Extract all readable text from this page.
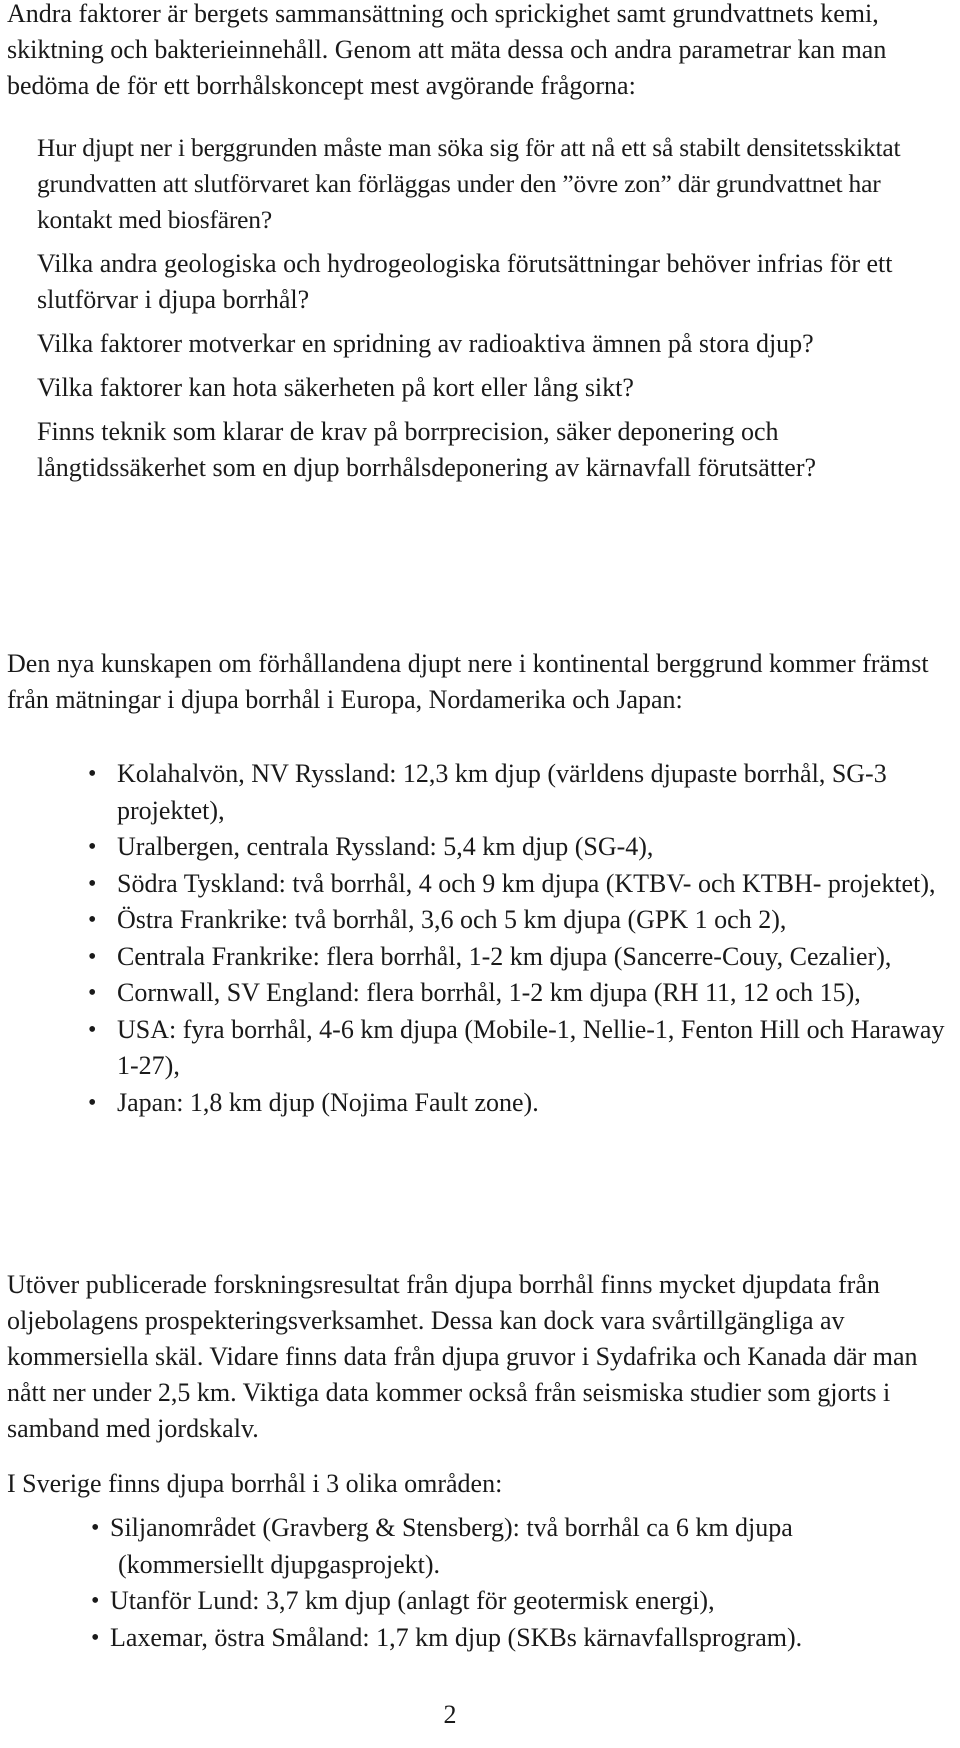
Andra faktorer är bergets sammansättning och sprickighet samt grundvattnets kemi, skiktning och bakterieinnehåll. Genom att mäta dessa och andra parametrar kan man bedöma de för ett borrhålskoncept mest avgörande frågorna:

Hur djupt ner i berggrunden måste man söka sig för att nå ett så stabilt densitetsskiktat grundvatten att slutförvaret kan förläggas under den ”övre zon” där grundvattnet har kontakt med biosfären?

Vilka andra geologiska och hydrogeologiska förutsättningar behöver infrias för ett slutförvar i djupa borrhål?

Vilka faktorer motverkar en spridning av radioaktiva ämnen på stora djup?

Vilka faktorer kan hota säkerheten på kort eller lång sikt?

Finns teknik som klarar de krav på borrprecision, säker deponering och långtidssäkerhet som en djup borrhålsdeponering av kärnavfall förutsätter?

Den nya kunskapen om förhållandena djupt nere i kontinental berggrund kommer främst från mätningar i djupa borrhål i Europa, Nordamerika och Japan:

• Kolahalvön, NV Ryssland: 12,3 km djup (världens djupaste borrhål, SG-3 projektet),
• Uralbergen, centrala Ryssland: 5,4 km djup (SG-4),
• Södra Tyskland: två borrhål, 4 och 9 km djupa (KTBV- och KTBH- projektet),
• Östra Frankrike: två borrhål, 3,6 och 5 km djupa (GPK 1 och 2),
• Centrala Frankrike: flera borrhål, 1-2 km djupa (Sancerre-Couy, Cezalier),
• Cornwall, SV England: flera borrhål, 1-2 km djupa (RH 11, 12 och 15),
• USA: fyra borrhål, 4-6 km djupa (Mobile-1, Nellie-1, Fenton Hill och Haraway 1-27),
• Japan: 1,8 km djup (Nojima Fault zone).

Utöver publicerade forskningsresultat från djupa borrhål finns mycket djupdata från oljebolagens prospekteringsverksamhet. Dessa kan dock vara svårtillgängliga av kommersiella skäl. Vidare finns data från djupa gruvor i Sydafrika och Kanada där man nått ner under 2,5 km. Viktiga data kommer också från seismiska studier som gjorts i samband med jordskalv.

I Sverige finns djupa borrhål i 3 olika områden:

• Siljanområdet (Gravberg & Stensberg): två borrhål ca 6 km djupa
(kommersiellt djupgasprojekt).
• Utanför Lund: 3,7 km djup (anlagt för geotermisk energi),
• Laxemar, östra Småland: 1,7 km djup (SKBs kärnavfallsprogram).
2
